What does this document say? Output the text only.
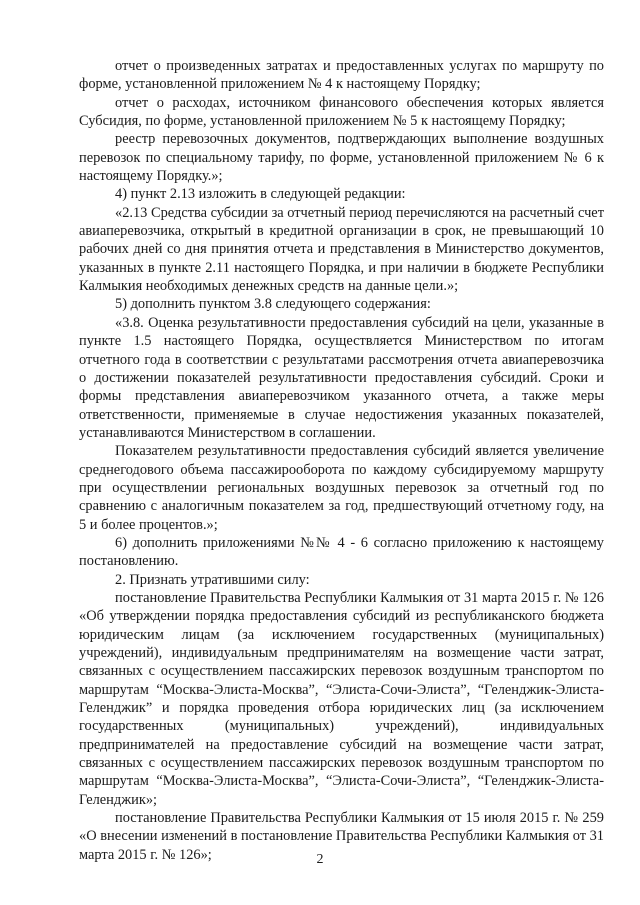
отчет о произведенных затратах и предоставленных услугах по маршруту по форме, установленной приложением № 4 к настоящему Порядку;

отчет о расходах, источником финансового обеспечения которых является Субсидия, по форме, установленной приложением № 5 к настоящему Порядку;

реестр перевозочных документов, подтверждающих выполнение воздушных перевозок по специальному тарифу, по форме, установленной приложением № 6 к настоящему Порядку.»;

4) пункт 2.13 изложить в следующей редакции:

«2.13 Средства субсидии за отчетный период перечисляются на расчетный счет авиаперевозчика, открытый в кредитной организации в срок, не превышающий 10 рабочих дней со дня принятия отчета и представления в Министерство документов, указанных в пункте 2.11 настоящего Порядка, и при наличии в бюджете Республики Калмыкия необходимых денежных средств на данные цели.»;

5) дополнить пунктом 3.8 следующего содержания:

«3.8. Оценка результативности предоставления субсидий на цели, указанные в пункте 1.5 настоящего Порядка, осуществляется Министерством по итогам отчетного года в соответствии с результатами рассмотрения отчета авиаперевозчика о достижении показателей результативности предоставления субсидий. Сроки и формы представления авиаперевозчиком указанного отчета, а также меры ответственности, применяемые в случае недостижения указанных показателей, устанавливаются Министерством в соглашении.

Показателем результативности предоставления субсидий является увеличение среднегодового объема пассажирооборота по каждому субсидируемому маршруту при осуществлении региональных воздушных перевозок за отчетный год по сравнению с аналогичным показателем за год, предшествующий отчетному году, на 5 и более процентов.»;

6) дополнить приложениями №№ 4 - 6 согласно приложению к настоящему постановлению.

2. Признать утратившими силу:

постановление Правительства Республики Калмыкия от 31 марта 2015 г. № 126 «Об утверждении порядка предоставления субсидий из республиканского бюджета юридическим лицам (за исключением государственных (муниципальных) учреждений), индивидуальным предпринимателям на возмещение части затрат, связанных с осуществлением пассажирских перевозок воздушным транспортом по маршрутам “Москва-Элиста-Москва”, “Элиста-Сочи-Элиста”, “Геленджик-Элиста-Геленджик” и порядка проведения отбора юридических лиц (за исключением государственных (муниципальных) учреждений), индивидуальных предпринимателей на предоставление субсидий на возмещение части затрат, связанных с осуществлением пассажирских перевозок воздушным транспортом по маршрутам “Москва-Элиста-Москва”, “Элиста-Сочи-Элиста”, “Геленджик-Элиста-Геленджик»;

постановление Правительства Республики Калмыкия от 15 июля 2015 г. № 259 «О внесении изменений в постановление Правительства Республики Калмыкия от 31 марта 2015 г. № 126»;	2
